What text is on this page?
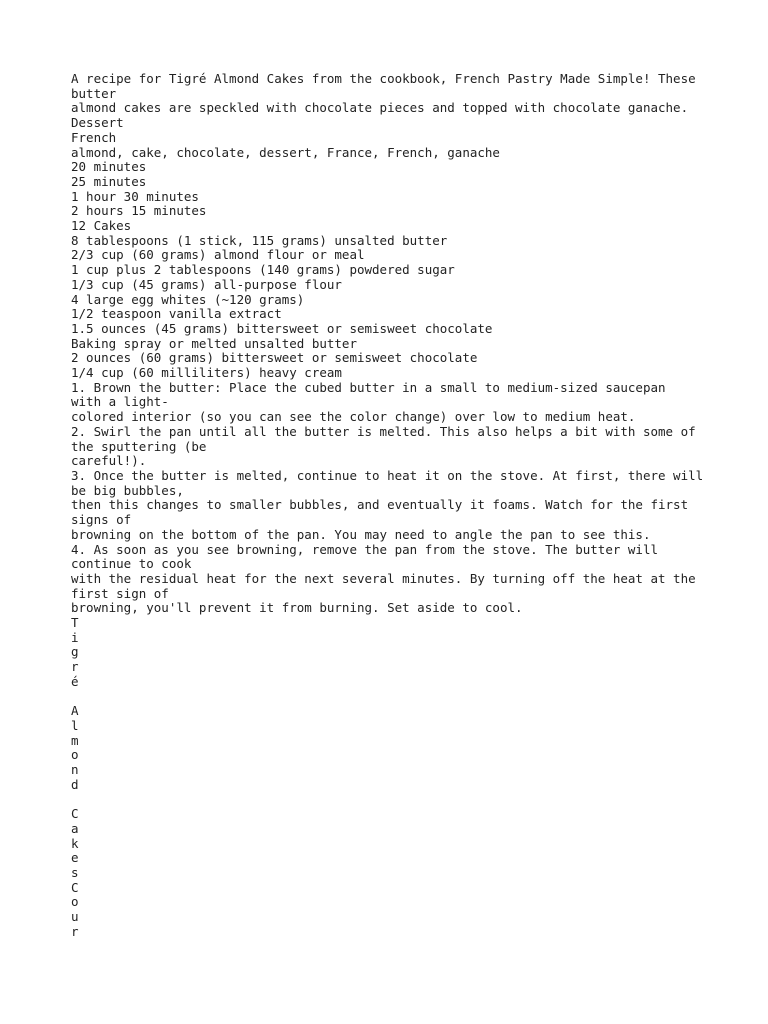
A recipe for Tigré Almond Cakes from the cookbook, French Pastry Made Simple! These
butter
almond cakes are speckled with chocolate pieces and topped with chocolate ganache.
Dessert
French
almond, cake, chocolate, dessert, France, French, ganache
20 minutes
25 minutes
1 hour 30 minutes
2 hours 15 minutes
12 Cakes
8 tablespoons (1 stick, 115 grams) unsalted butter
2/3 cup (60 grams) almond flour or meal
1 cup plus 2 tablespoons (140 grams) powdered sugar
1/3 cup (45 grams) all-purpose flour
4 large egg whites (~120 grams)
1/2 teaspoon vanilla extract
1.5 ounces (45 grams) bittersweet or semisweet chocolate
Baking spray or melted unsalted butter
2 ounces (60 grams) bittersweet or semisweet chocolate
1/4 cup (60 milliliters) heavy cream
1. Brown the butter: Place the cubed butter in a small to medium-sized saucepan
with a light-
colored interior (so you can see the color change) over low to medium heat.
2. Swirl the pan until all the butter is melted. This also helps a bit with some of
the sputtering (be
careful!).
3. Once the butter is melted, continue to heat it on the stove. At first, there will
be big bubbles,
then this changes to smaller bubbles, and eventually it foams. Watch for the first
signs of
browning on the bottom of the pan. You may need to angle the pan to see this.
4. As soon as you see browning, remove the pan from the stove. The butter will
continue to cook
with the residual heat for the next several minutes. By turning off the heat at the
first sign of
browning, you'll prevent it from burning. Set aside to cool.
T
i
g
r
é
A
l
m
o
n
d
C
a
k
e
s
C
o
u
r
